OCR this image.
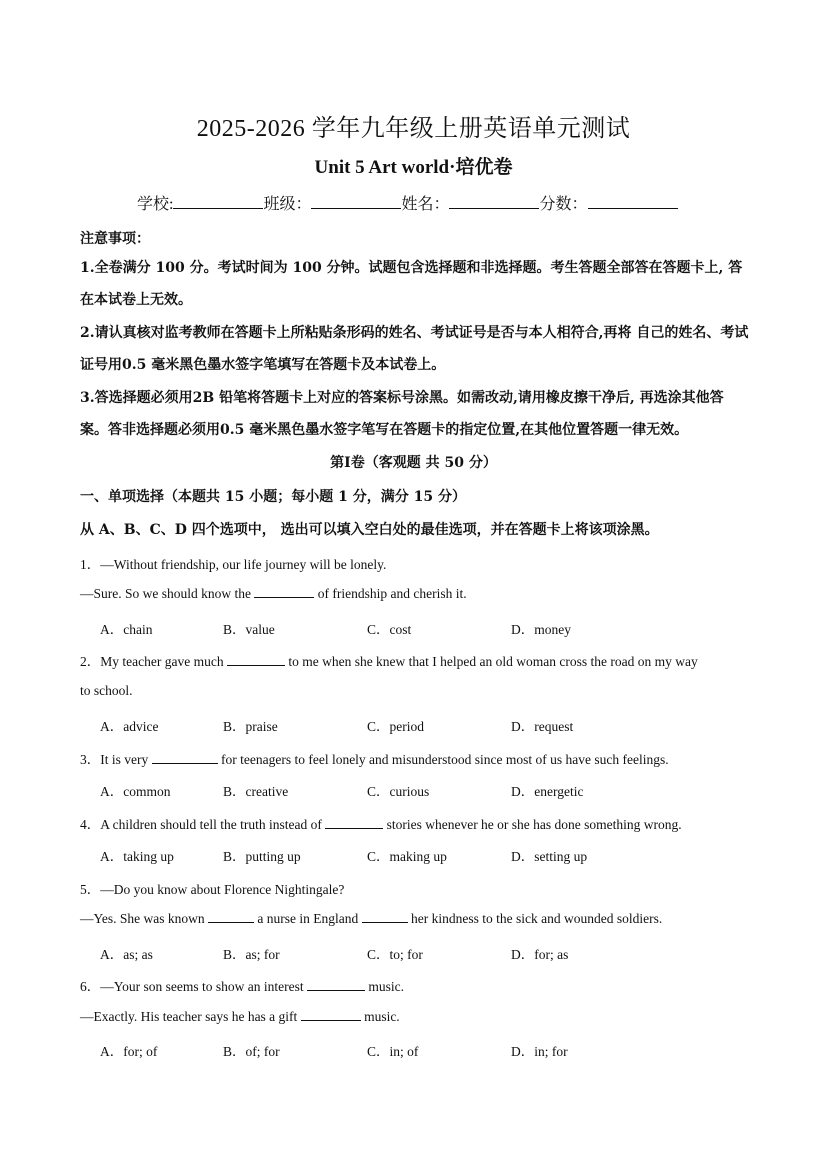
2025-2026 学年九年级上册英语单元测试
Unit 5 Art world·培优卷
学校:	班级：	姓名：	分数：
注意事项：
1.全卷满分 100 分。考试时间为 100 分钟。试题包含选择题和非选择题。考生答题全部答在答题卡上, 答在本试卷上无效。
2.请认真核对监考教师在答题卡上所粘贴条形码的姓名、考试证号是否与本人相符合,再将 自己的姓名、考试证号用0.5 毫米黑色墨水签字笔填写在答题卡及本试卷上。
3.答选择题必须用2B 铅笔将答题卡上对应的答案标号涂黑。如需改动,请用橡皮擦干净后, 再选涂其他答案。答非选择题必须用0.5 毫米黑色墨水签字笔写在答题卡的指定位置,在其他位置答题一律无效。
第Ⅰ卷（客观题 共 50 分）
一、单项选择（本题共 15 小题；每小题 1 分，满分 15 分）
从 A、B、C、D 四个选项中， 选出可以填入空白处的最佳选项，并在答题卡上将该项涂黑。
1．—Without friendship, our life journey will be lonely.
—Sure. So we should know the	of friendship and cherish it.
A．chain	B．value	C．cost	D．money
2．My teacher gave much	to me when she knew that I helped an old woman cross the road on my way
to school.
A．advice	B．praise	C．period	D．request
3．It is very	for teenagers to feel lonely and misunderstood since most of us have such feelings.
A．common	B．creative	C．curious	D．energetic
4．A children should tell the truth instead of	stories whenever he or she has done something wrong.
A．taking up	B．putting up	C．making up	D．setting up
5．—Do you know about Florence Nightingale?
—Yes. She was known	a nurse in England	her kindness to the sick and wounded soldiers.
A．as; as	B．as; for	C．to; for	D．for; as
6．—Your son seems to show an interest	music.
—Exactly. His teacher says he has a gift	music.
A．for; of	B．of; for	C．in; of	D．in; for
